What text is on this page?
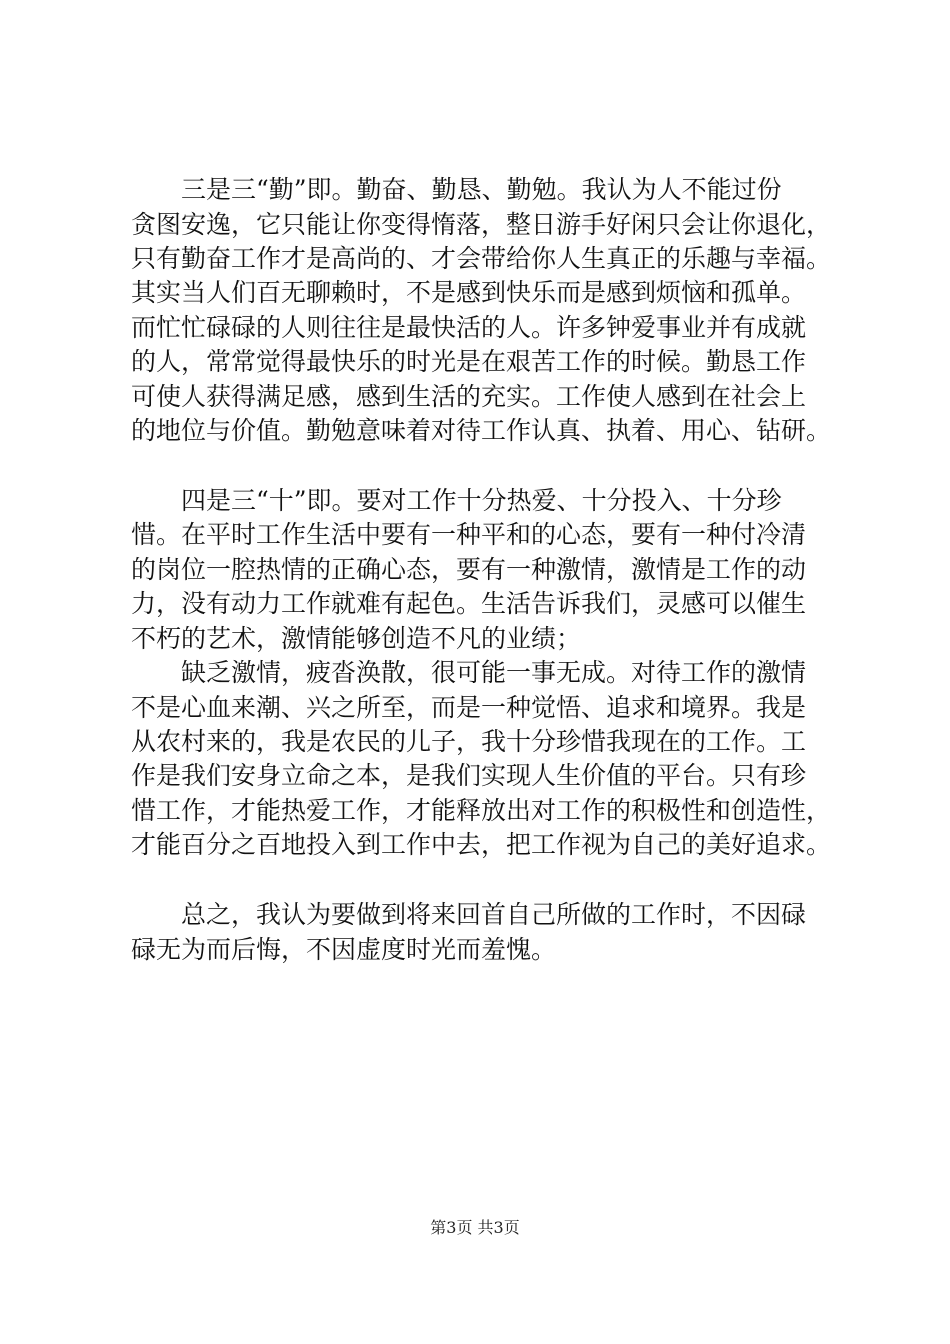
　　三是三“勤”即。勤奋、勤恳、勤勉。我认为人不能过份
贪图安逸，它只能让你变得惰落，整日游手好闲只会让你退化，
只有勤奋工作才是高尚的、才会带给你人生真正的乐趣与幸福。
其实当人们百无聊赖时，不是感到快乐而是感到烦恼和孤单。
而忙忙碌碌的人则往往是最快活的人。许多钟爱事业并有成就
的人，常常觉得最快乐的时光是在艰苦工作的时候。勤恳工作
可使人获得满足感，感到生活的充实。工作使人感到在社会上
的地位与价值。勤勉意味着对待工作认真、执着、用心、钻研。
　　四是三“十”即。要对工作十分热爱、十分投入、十分珍
惜。在平时工作生活中要有一种平和的心态，要有一种付冷清
的岗位一腔热情的正确心态，要有一种激情，激情是工作的动
力，没有动力工作就难有起色。生活告诉我们，灵感可以催生
不朽的艺术，激情能够创造不凡的业绩；
　　缺乏激情，疲沓涣散，很可能一事无成。对待工作的激情
不是心血来潮、兴之所至，而是一种觉悟、追求和境界。我是
从农村来的，我是农民的儿子，我十分珍惜我现在的工作。工
作是我们安身立命之本，是我们实现人生价值的平台。只有珍
惜工作，才能热爱工作，才能释放出对工作的积极性和创造性，
才能百分之百地投入到工作中去，把工作视为自己的美好追求。
　　总之，我认为要做到将来回首自己所做的工作时，不因碌
碌无为而后悔，不因虚度时光而羞愧。
第3页 共3页
